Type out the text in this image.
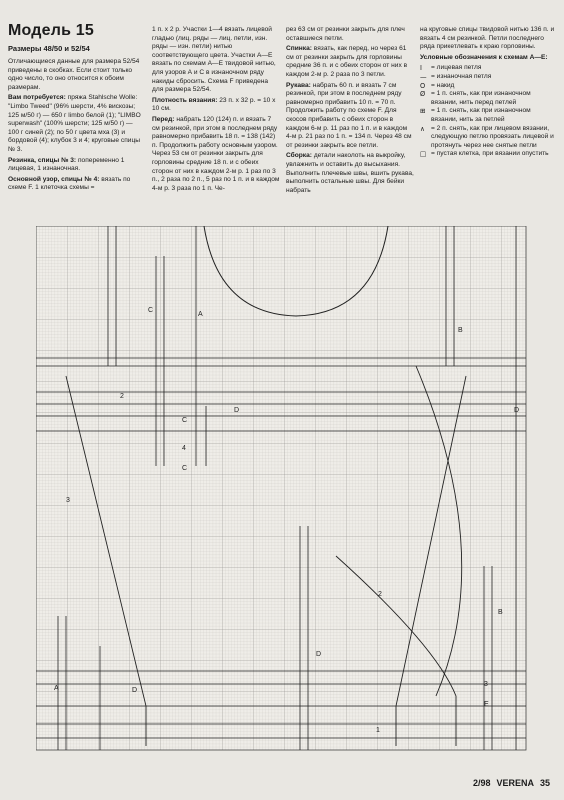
Модель 15
Размеры 48/50 и 52/54

Отличающиеся данные для размера 52/54 приведены в скобках. Если стоит только одно число, то оно относится к обоим размерам.

Вам потребуется: пряжа Stahlsche Wolle: "Limbo Tweed" (96% шерсти, 4% вискозы; 125 м/50 г) — 650 г limbo белой (1); "LIMBO superwash" (100% шерсти; 125 м/50 г) — 100 г синей (2); по 50 г цвета мха (3) и бордовой (4); клубок 3 и 4; круговые спицы № 3.

Резинка, спицы № 3: попеременно 1 лицевая, 1 изнаночная.

Основной узор, спицы № 4: вязать по схеме F. 1 клеточка схемы =

1 п. x 2 р. Участки 1—4 вязать лицевой гладью (лиц. ряды — лиц. петли, изн. ряды — изн. петли) нитью соответствующего цвета. Участки А—Е вязать по схемам А—Е твидовой нитью, для узоров А и С в изнаночном ряду накиды сбросить. Схема F приведена для размера 52/54.

Плотность вязания: 23 п. x 32 р. = 10 x 10 см.

Перед: набрать 120 (124) п. и вязать 7 см резинкой, при этом в последнем ряду равномерно прибавить 18 п. = 138 (142) п. Продолжить работу основным узором. Через 53 см от резинки закрыть для горловины средние 18 п. и с обеих сторон от них в каждом 2-м р. 1 раз по 3 п., 2 раза по 2 п., 5 раз по 1 п. и в каждом 4-м р. 3 раза по 1 п. Че-

рез 63 см от резинки закрыть для плеч оставшиеся петли.

Спинка: вязать, как перед, но через 61 см от резинки закрыть для горловины средние 36 п. и с обеих сторон от них в каждом 2-м р. 2 раза по 3 петли.

Рукава: набрать 60 п. и вязать 7 см резинкой, при этом в последнем ряду равномерно прибавить 10 п. = 70 п. Продолжить работу по схеме F. Для скосов прибавить с обеих сторон в каждом 6-м р. 11 раз по 1 п. и в каждом 4-м р. 21 раз по 1 п. = 134 п. Через 48 см от резинки закрыть все петли.

Сборка: детали наколоть на выкройку, увлажнить и оставить до высыхания. Выполнить плечевые швы, вшить рукава, выполнить остальные швы. Для бейки набрать

на круговые спицы твидовой нитью 136 п. и вязать 4 см резинкой. Петли последнего ряда прикетлевать к краю горловины.

Условные обозначения к схемам А—Е:

I	= лицевая петля
— = изнаночная петля
O = накид
Ø = 1 п. снять, как при изнаночном вязании, нить перед петлей
⊞ = 1 п. снять, как при изнаночном вязании, нить за петлей
∧ = 2 п. снять, как при лицевом вязании, следующую петлю провязать лицевой и протянуть через нее снятые петли
□ = пустая клетка, при вязании опустить
C
A
B
2
C
D	D
4
C
3
2
D
A	D
3
E
B
1
2/98 VERENA 35
